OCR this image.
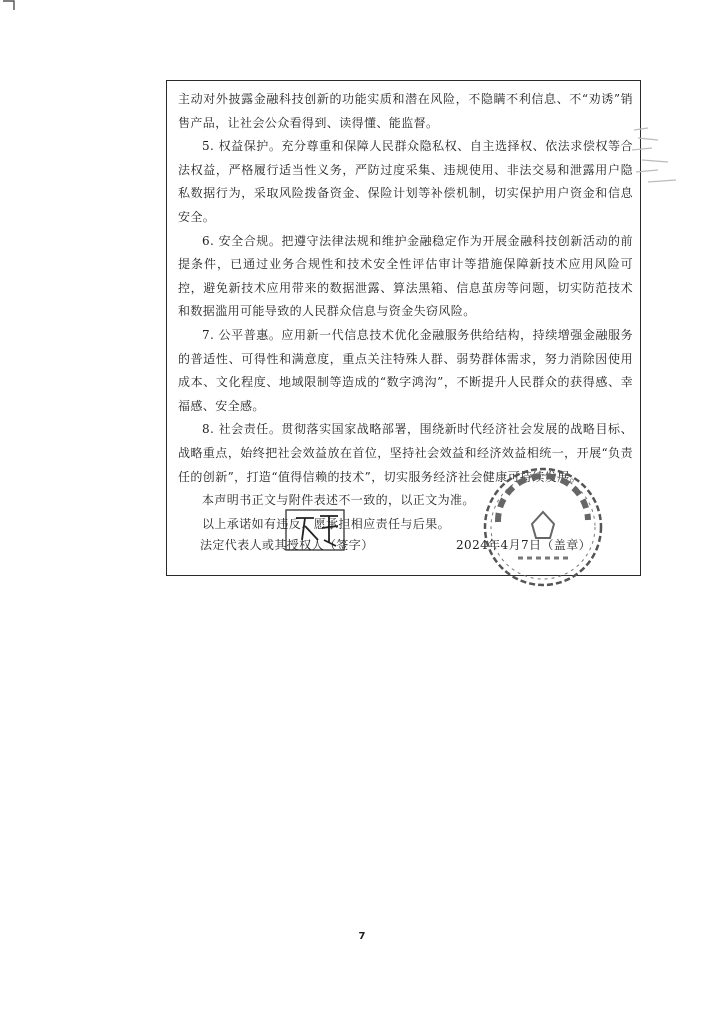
主动对外披露金融科技创新的功能实质和潜在风险，不隐瞒不利信息、不“劝诱”销售产品，让社会公众看得到、读得懂、能监督。

5. 权益保护。充分尊重和保障人民群众隐私权、自主选择权、依法求偿权等合法权益，严格履行适当性义务，严防过度采集、违规使用、非法交易和泄露用户隐私数据行为，采取风险拨备资金、保险计划等补偿机制，切实保护用户资金和信息安全。

6. 安全合规。把遵守法律法规和维护金融稳定作为开展金融科技创新活动的前提条件，已通过业务合规性和技术安全性评估审计等措施保障新技术应用风险可控，避免新技术应用带来的数据泄露、算法黑箱、信息茧房等问题，切实防范技术和数据滥用可能导致的人民群众信息与资金失窃风险。

7. 公平普惠。应用新一代信息技术优化金融服务供给结构，持续增强金融服务的普适性、可得性和满意度，重点关注特殊人群、弱势群体需求，努力消除因使用成本、文化程度、地域限制等造成的“数字鸿沟”，不断提升人民群众的获得感、幸福感、安全感。

8. 社会责任。贯彻落实国家战略部署，围绕新时代经济社会发展的战略目标、战略重点，始终把社会效益放在首位，坚持社会效益和经济效益相统一，开展“负责任的创新”，打造“值得信赖的技术”，切实服务经济社会健康可持续发展。

本声明书正文与附件表述不一致的，以正文为准。

以上承诺如有违反，愿承担相应责任与后果。

法定代表人或其授权人（签字）	2024年4月7日（盖章）
7
